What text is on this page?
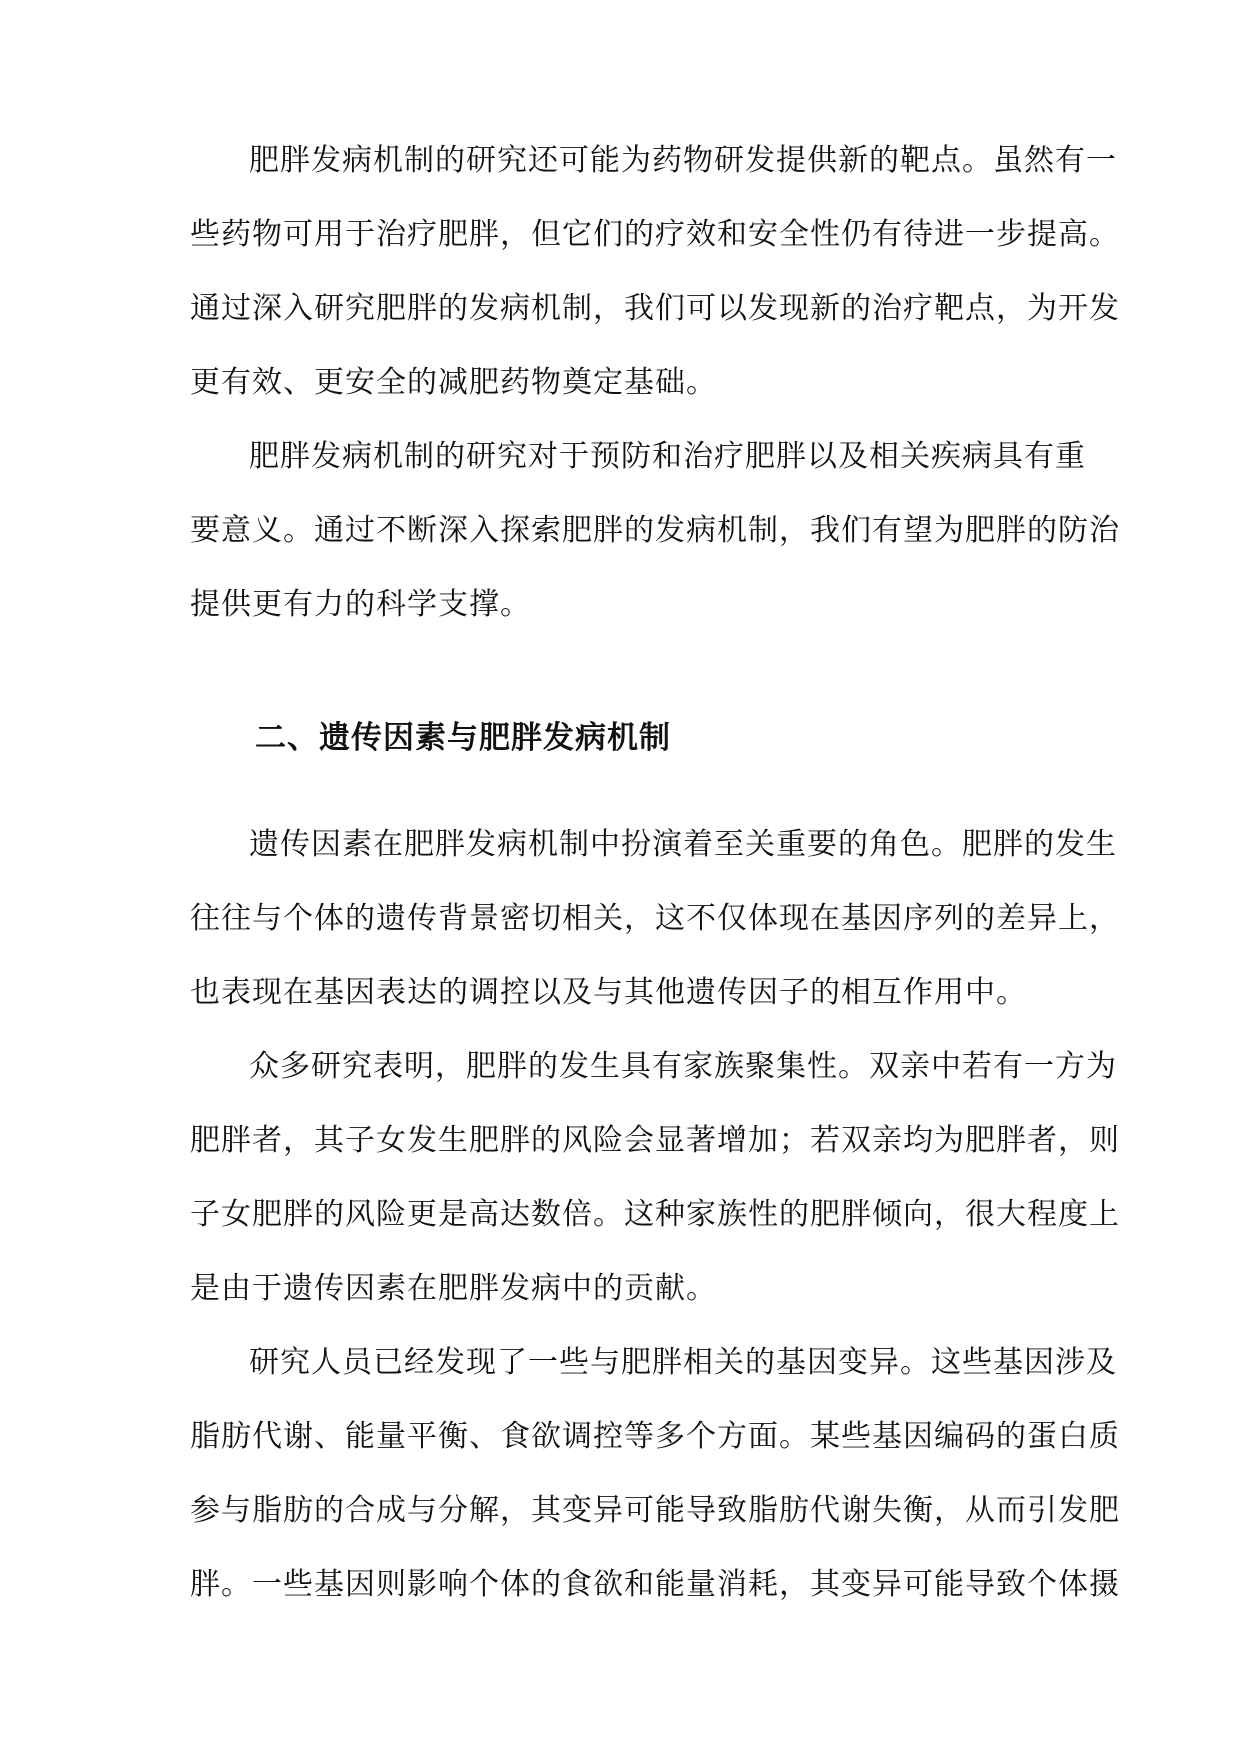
肥胖发病机制的研究还可能为药物研发提供新的靶点。虽然有一
些药物可用于治疗肥胖，但它们的疗效和安全性仍有待进一步提高。
通过深入研究肥胖的发病机制，我们可以发现新的治疗靶点，为开发
更有效、更安全的减肥药物奠定基础。
肥胖发病机制的研究对于预防和治疗肥胖以及相关疾病具有重
要意义。通过不断深入探索肥胖的发病机制，我们有望为肥胖的防治
提供更有力的科学支撑。
二、遗传因素与肥胖发病机制
遗传因素在肥胖发病机制中扮演着至关重要的角色。肥胖的发生
往往与个体的遗传背景密切相关，这不仅体现在基因序列的差异上，
也表现在基因表达的调控以及与其他遗传因子的相互作用中。
众多研究表明，肥胖的发生具有家族聚集性。双亲中若有一方为
肥胖者，其子女发生肥胖的风险会显著增加；若双亲均为肥胖者，则
子女肥胖的风险更是高达数倍。这种家族性的肥胖倾向，很大程度上
是由于遗传因素在肥胖发病中的贡献。
研究人员已经发现了一些与肥胖相关的基因变异。这些基因涉及
脂肪代谢、能量平衡、食欲调控等多个方面。某些基因编码的蛋白质
参与脂肪的合成与分解，其变异可能导致脂肪代谢失衡，从而引发肥
胖。一些基因则影响个体的食欲和能量消耗，其变异可能导致个体摄
